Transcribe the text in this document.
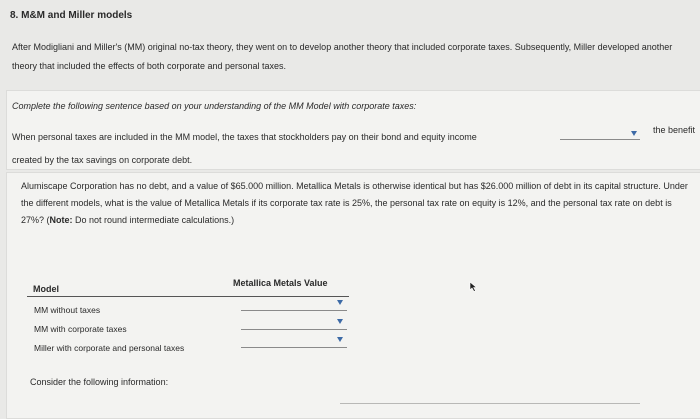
8. M&M and Miller models
After Modigliani and Miller's (MM) original no-tax theory, they went on to develop another theory that included corporate taxes. Subsequently, Miller developed another theory that included the effects of both corporate and personal taxes.
Complete the following sentence based on your understanding of the MM Model with corporate taxes:
When personal taxes are included in the MM model, the taxes that stockholders pay on their bond and equity income
created by the tax savings on corporate debt.
the benefit
Alumiscape Corporation has no debt, and a value of $65.000 million. Metallica Metals is otherwise identical but has $26.000 million of debt in its capital structure. Under the different models, what is the value of Metallica Metals if its corporate tax rate is 25%, the personal tax rate on equity is 12%, and the personal tax rate on debt is 27%? (Note: Do not round intermediate calculations.)
Model
Metallica Metals Value
MM without taxes
MM with corporate taxes
Miller with corporate and personal taxes
Consider the following information:
